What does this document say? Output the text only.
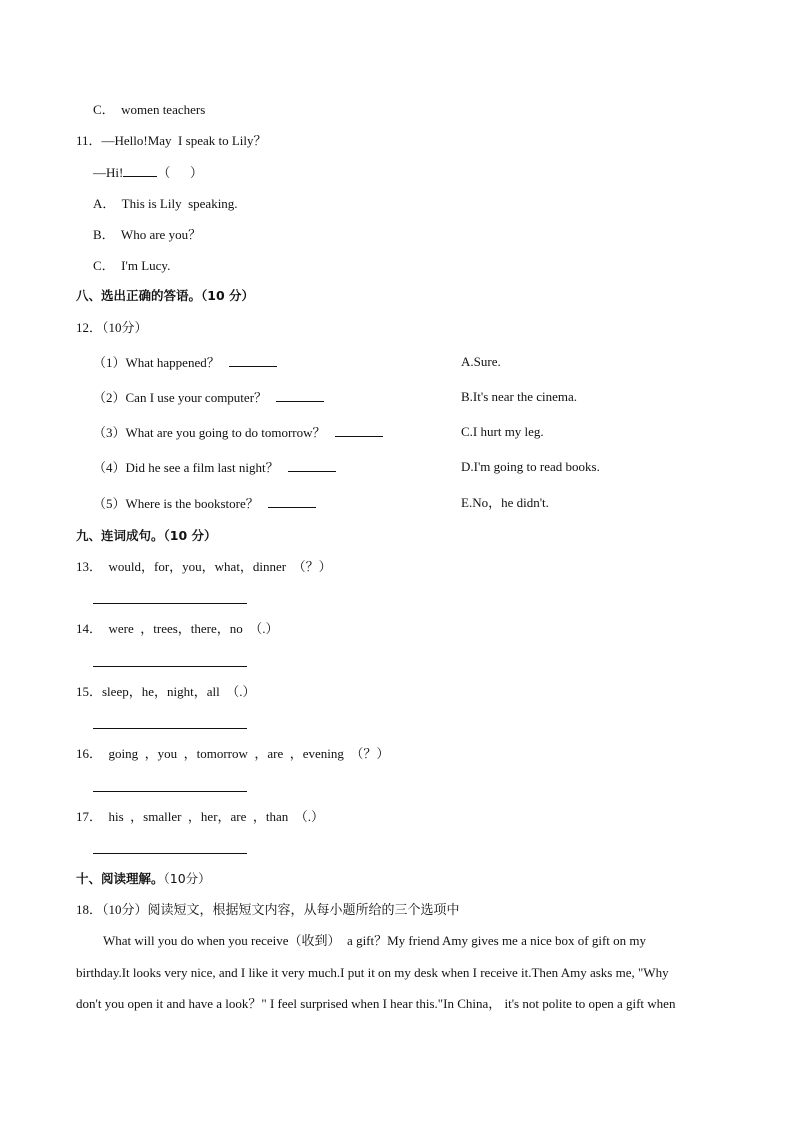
C．  women teachers
11．—Hello!May  I speak to Lily？
—Hi!	（      ）
A．  This is Lily  speaking.
B．  Who are you？
C．  I'm Lucy.
八、选出正确的答语。（10 分）
12．（10分）
（1）What happened？
（2）Can I use your computer？
（3）What are you going to do tomorrow？
（4）Did he see a film last night？
（5）Where is the bookstore？
A.Sure.
B.It's near the cinema.
C.I hurt my leg.
D.I'm going to read books.
E.No，he didn't.
九、连词成句。（10 分）
13．  would，for，you，what，dinner  （？）
14．  were  ，trees，there，no  （.）
15．sleep，he，night，all  （.）
16．  going  ，you  ，tomorrow  ，are  ，evening  （？）
17．  his  ，smaller  ，her，are  ，than  （.）
十、阅读理解。（10分）
18．（10分）阅读短文，根据短文内容，从每小题所给的三个选项中
What will you do when you receive（收到）  a gift？My friend Amy gives me a nice box of gift on my
birthday.It looks very nice, and I like it very much.I put it on my desk when I receive it.Then Amy asks me, "Why
don't you open it and have a look？" I feel surprised when I hear this."In China， it's not polite to open a gift when
